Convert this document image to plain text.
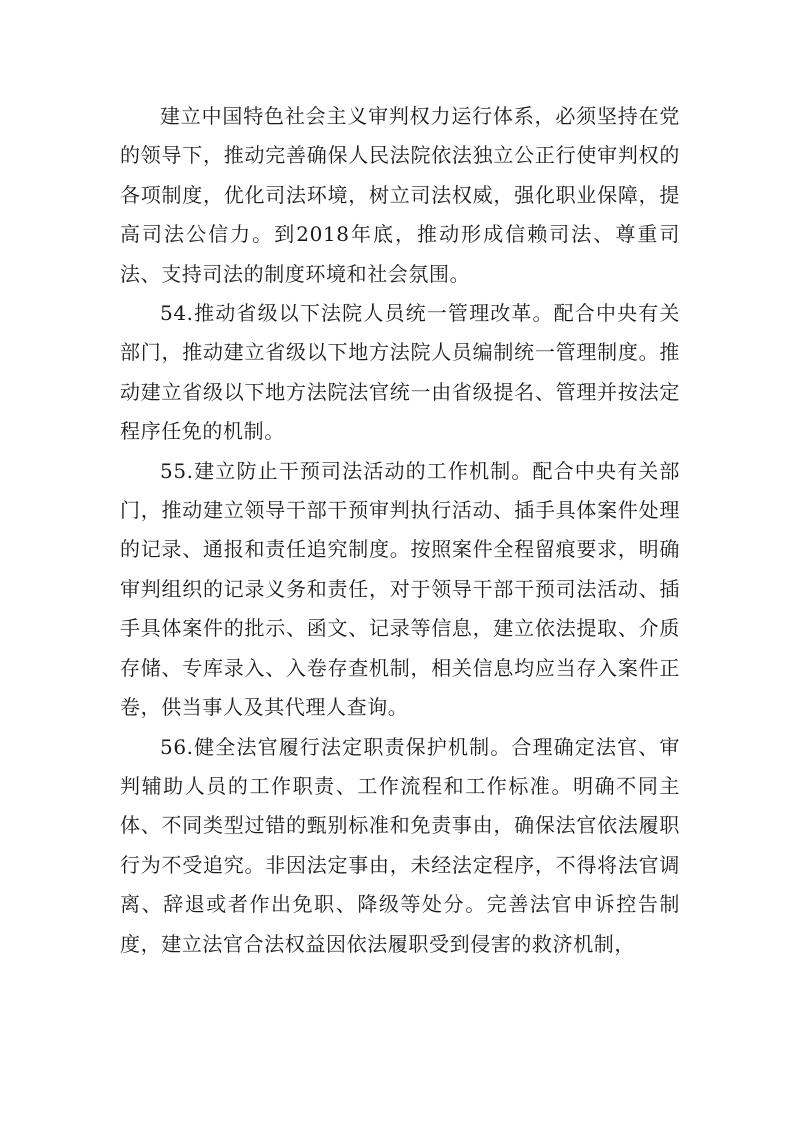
建立中国特色社会主义审判权力运行体系，必须坚持在党的领导下，推动完善确保人民法院依法独立公正行使审判权的各项制度，优化司法环境，树立司法权威，强化职业保障，提高司法公信力。到2018年底，推动形成信赖司法、尊重司法、支持司法的制度环境和社会氛围。

54.推动省级以下法院人员统一管理改革。配合中央有关部门，推动建立省级以下地方法院人员编制统一管理制度。推动建立省级以下地方法院法官统一由省级提名、管理并按法定程序任免的机制。

55.建立防止干预司法活动的工作机制。配合中央有关部门，推动建立领导干部干预审判执行活动、插手具体案件处理的记录、通报和责任追究制度。按照案件全程留痕要求，明确审判组织的记录义务和责任，对于领导干部干预司法活动、插手具体案件的批示、函文、记录等信息，建立依法提取、介质存储、专库录入、入卷存查机制，相关信息均应当存入案件正卷，供当事人及其代理人查询。

56.健全法官履行法定职责保护机制。合理确定法官、审判辅助人员的工作职责、工作流程和工作标准。明确不同主体、不同类型过错的甄别标准和免责事由，确保法官依法履职行为不受追究。非因法定事由，未经法定程序，不得将法官调离、辞退或者作出免职、降级等处分。完善法官申诉控告制度，建立法官合法权益因依法履职受到侵害的救济机制，
